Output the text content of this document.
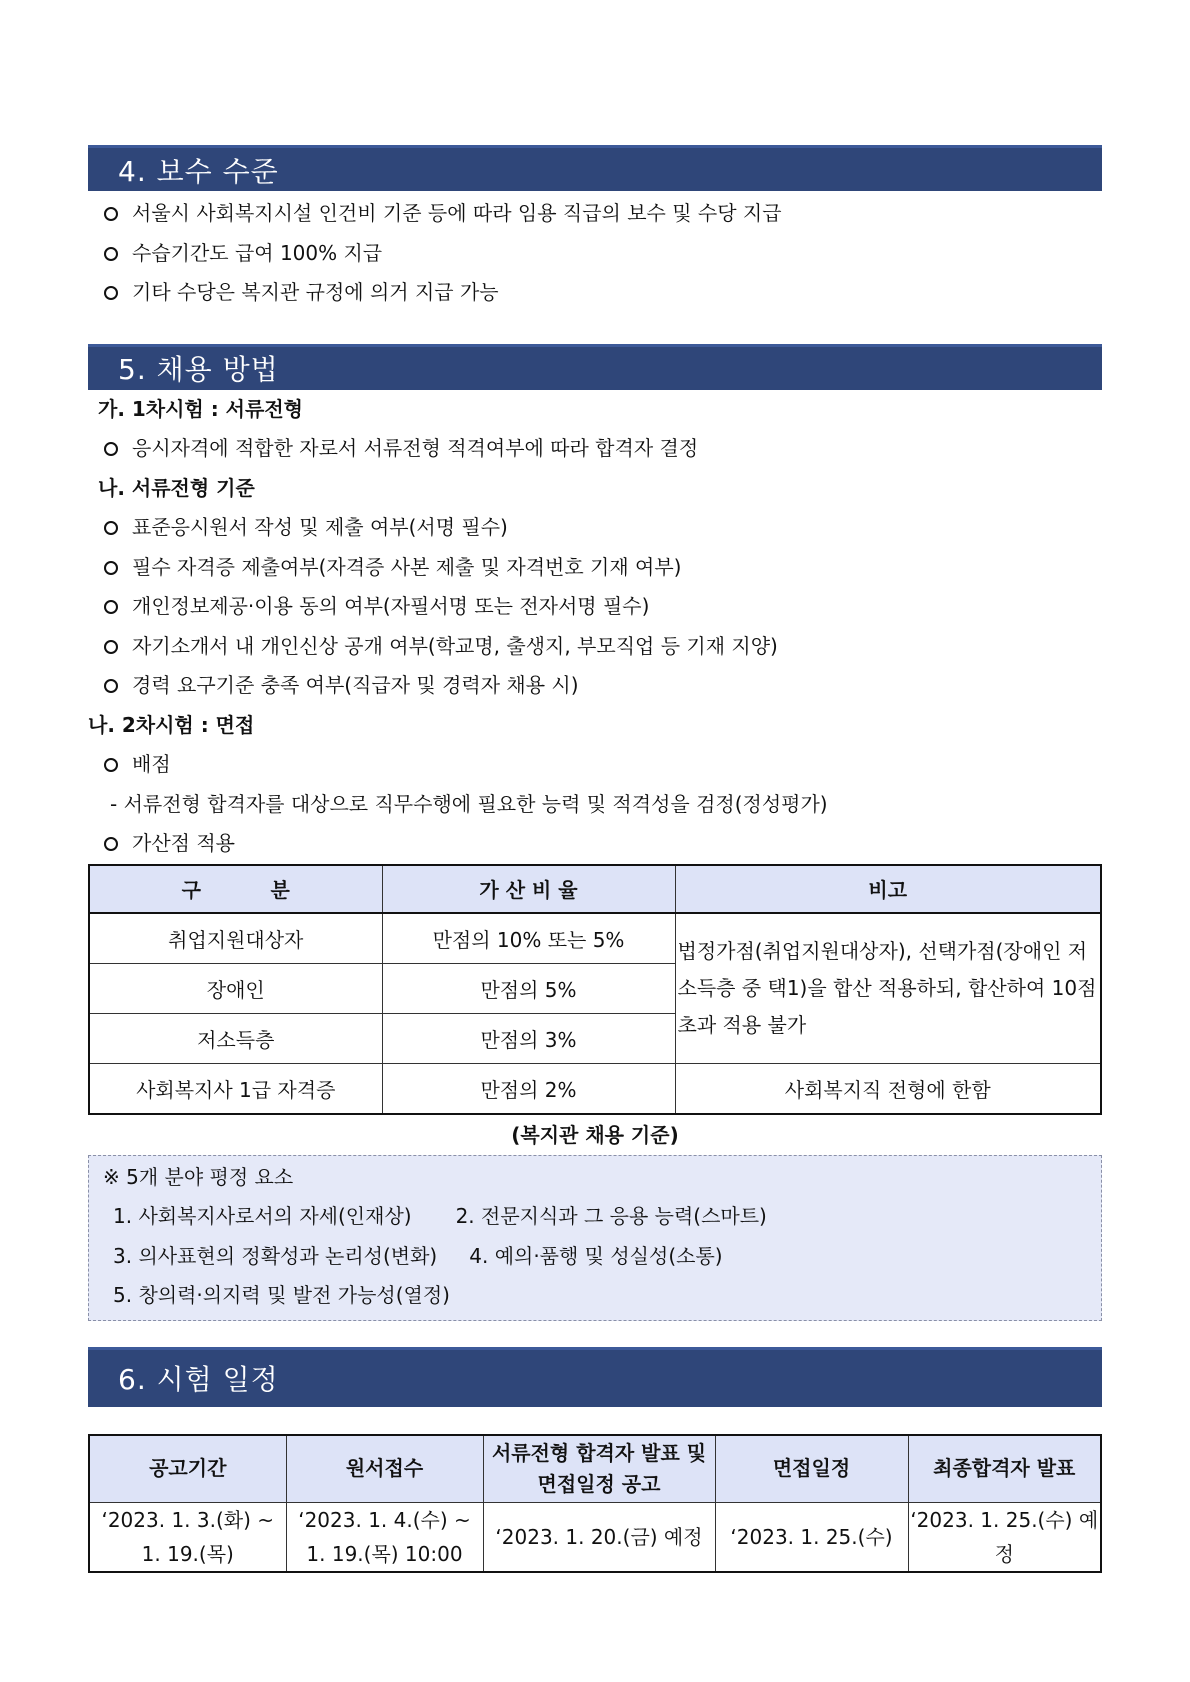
4. 보수 수준
서울시 사회복지시설 인건비 기준 등에 따라 임용 직급의 보수 및 수당 지급
수습기간도 급여 100% 지급
기타 수당은 복지관 규정에 의거 지급 가능
5. 채용 방법
가. 1차시험 : 서류전형
응시자격에 적합한 자로서 서류전형 적격여부에 따라 합격자 결정
나. 서류전형 기준
표준응시원서 작성 및 제출 여부(서명 필수)
필수 자격증 제출여부(자격증 사본 제출 및 자격번호 기재 여부)
개인정보제공·이용 동의 여부(자필서명 또는 전자서명 필수)
자기소개서 내 개인신상 공개 여부(학교명, 출생지, 부모직업 등 기재 지양)
경력 요구기준 충족 여부(직급자 및 경력자 채용 시)
나. 2차시험 : 면접
배점
- 서류전형 합격자를 대상으로 직무수행에 필요한 능력 및 적격성을 검정(정성평가)
가산점 적용
구          분	가 산 비 율	비고
취업지원대상자	만점의 10% 또는 5%	법정가점(취업지원대상자), 선택가점(장애인 저소득층 중 택1)을 합산 적용하되, 합산하여 10점 초과 적용 불가
장애인	만점의 5%	
저소득층	만점의 3%	
사회복지사 1급 자격증	만점의 2%	사회복지직 전형에 한함
(복지관 채용 기준)
※ 5개 분야 평정 요소
1. 사회복지사로서의 자세(인재상) 2. 전문지식과 그 응용 능력(스마트)
3. 의사표현의 정확성과 논리성(변화) 4. 예의·품행 및 성실성(소통)
5. 창의력·의지력 및 발전 가능성(열정)
6. 시험 일정
공고기간	원서접수	서류전형 합격자 발표 및 면접일정 공고	면접일정	최종합격자 발표
‘2023. 1. 3.(화) ~ 1. 19.(목)	‘2023. 1. 4.(수) ~ 1. 19.(목) 10:00	‘2023. 1. 20.(금) 예정	‘2023. 1. 25.(수)	‘2023. 1. 25.(수) 예정
